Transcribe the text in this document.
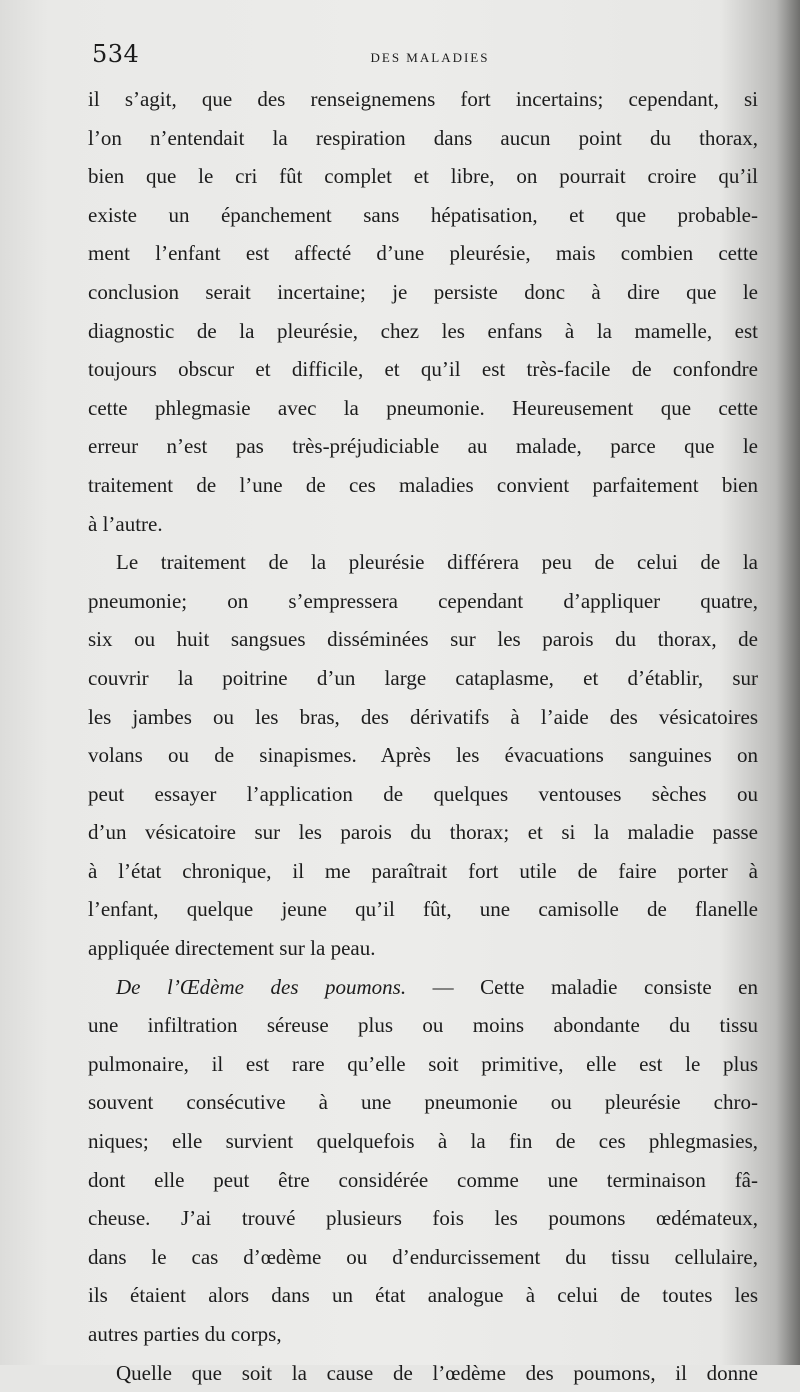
534	DES MALADIES
il s’agit, que des renseignemens fort incertains; cependant, si
l’on n’entendait la respiration dans aucun point du thorax,
bien que le cri fût complet et libre, on pourrait croire qu’il
existe un épanchement sans hépatisation, et que probable-
ment l’enfant est affecté d’une pleurésie, mais combien cette
conclusion serait incertaine; je persiste donc à dire que le
diagnostic de la pleurésie, chez les enfans à la mamelle, est
toujours obscur et difficile, et qu’il est très-facile de confondre
cette phlegmasie avec la pneumonie. Heureusement que cette
erreur n’est pas très-préjudiciable au malade, parce que le
traitement de l’une de ces maladies convient parfaitement bien
à l’autre.
Le traitement de la pleurésie différera peu de celui de la
pneumonie; on s’empressera cependant d’appliquer quatre,
six ou huit sangsues disséminées sur les parois du thorax, de
couvrir la poitrine d’un large cataplasme, et d’établir, sur
les jambes ou les bras, des dérivatifs à l’aide des vésicatoires
volans ou de sinapismes. Après les évacuations sanguines on
peut essayer l’application de quelques ventouses sèches ou
d’un vésicatoire sur les parois du thorax; et si la maladie passe
à l’état chronique, il me paraîtrait fort utile de faire porter à
l’enfant, quelque jeune qu’il fût, une camisolle de flanelle
appliquée directement sur la peau.
De l’Œdème des poumons. — Cette maladie consiste en
une infiltration séreuse plus ou moins abondante du tissu
pulmonaire, il est rare qu’elle soit primitive, elle est le plus
souvent consécutive à une pneumonie ou pleurésie chro-
niques; elle survient quelquefois à la fin de ces phlegmasies,
dont elle peut être considérée comme une terminaison fâ-
cheuse. J’ai trouvé plusieurs fois les poumons œdémateux,
dans le cas d’œdème ou d’endurcissement du tissu cellulaire,
ils étaient alors dans un état analogue à celui de toutes les
autres parties du corps,
Quelle que soit la cause de l’œdème des poumons, il donne
